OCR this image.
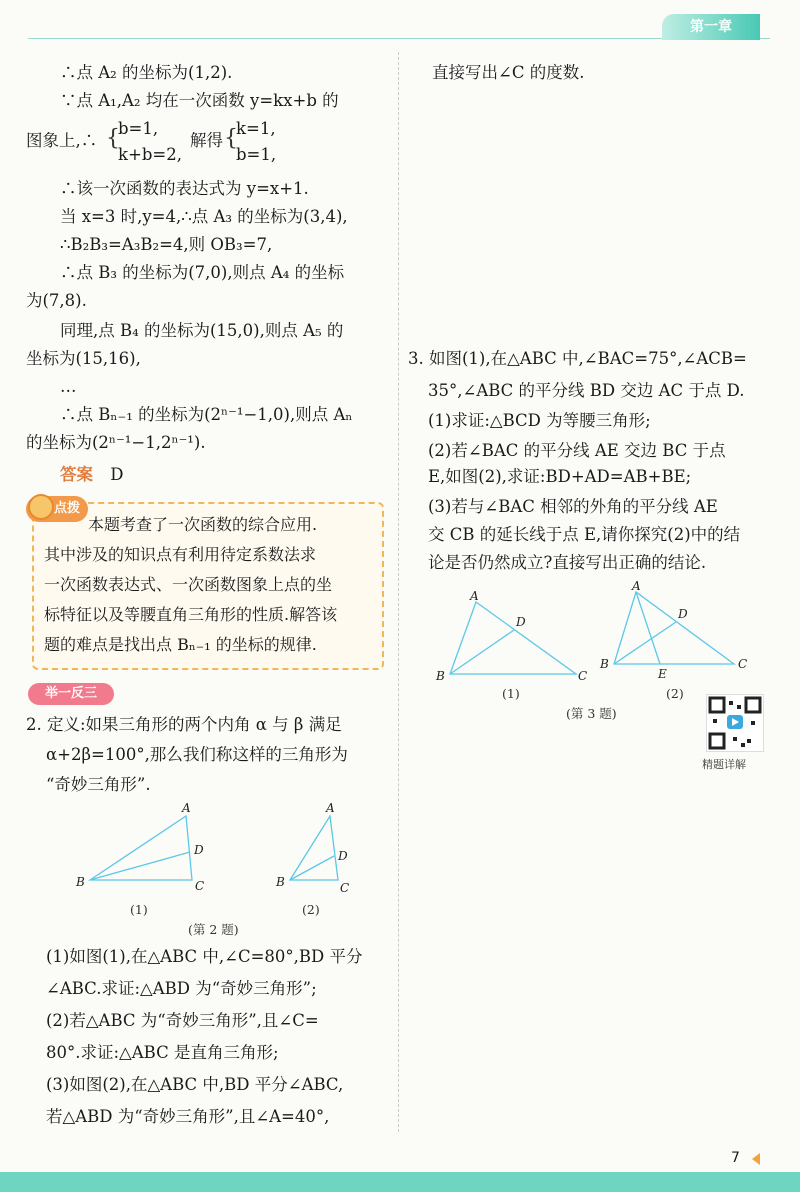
第一章
∴点 A₂ 的坐标为(1,2).
∵点 A₁,A₂ 均在一次函数 y=kx+b 的
图象上,∴ {
b=1,
k+b=2,
解得 {
k=1,
b=1,
∴该一次函数的表达式为 y=x+1.
当 x=3 时,y=4,∴点 A₃ 的坐标为(3,4),
∴B₂B₃=A₃B₂=4,则 OB₃=7,
∴点 B₃ 的坐标为(7,0),则点 A₄ 的坐标
为(7,8).
同理,点 B₄ 的坐标为(15,0),则点 A₅ 的
坐标为(15,16),
…
∴点 Bₙ₋₁ 的坐标为(2ⁿ⁻¹−1,0),则点 Aₙ
的坐标为(2ⁿ⁻¹−1,2ⁿ⁻¹).
答案 D
点拨
本题考查了一次函数的综合应用.
其中涉及的知识点有利用待定系数法求
一次函数表达式、一次函数图象上点的坐
标特征以及等腰直角三角形的性质.解答该
题的难点是找出点 Bₙ₋₁ 的坐标的规律.
举一反三
2. 定义:如果三角形的两个内角 α 与 β 满足
α+2β=100°,那么我们称这样的三角形为
“奇妙三角形”.
A
B	C
D
(1)
A
B	C
D
(2)
(第 2 题)
(1)如图(1),在△ABC 中,∠C=80°,BD 平分
∠ABC.求证:△ABD 为“奇妙三角形”;
(2)若△ABC 为“奇妙三角形”,且∠C=
80°.求证:△ABC 是直角三角形;
(3)如图(2),在△ABC 中,BD 平分∠ABC,
若△ABD 为“奇妙三角形”,且∠A=40°,
直接写出∠C 的度数.
3. 如图(1),在△ABC 中,∠BAC=75°,∠ACB=
35°,∠ABC 的平分线 BD 交边 AC 于点 D.
(1)求证:△BCD 为等腰三角形;
(2)若∠BAC 的平分线 AE 交边 BC 于点
E,如图(2),求证:BD+AD=AB+BE;
(3)若与∠BAC 相邻的外角的平分线 AE
交 CB 的延长线于点 E,请你探究(2)中的结
论是否仍然成立?直接写出正确的结论.
A
B	C
D
(1)
A
B	C
D
E
(2)
(第 3 题)
精题详解
7
